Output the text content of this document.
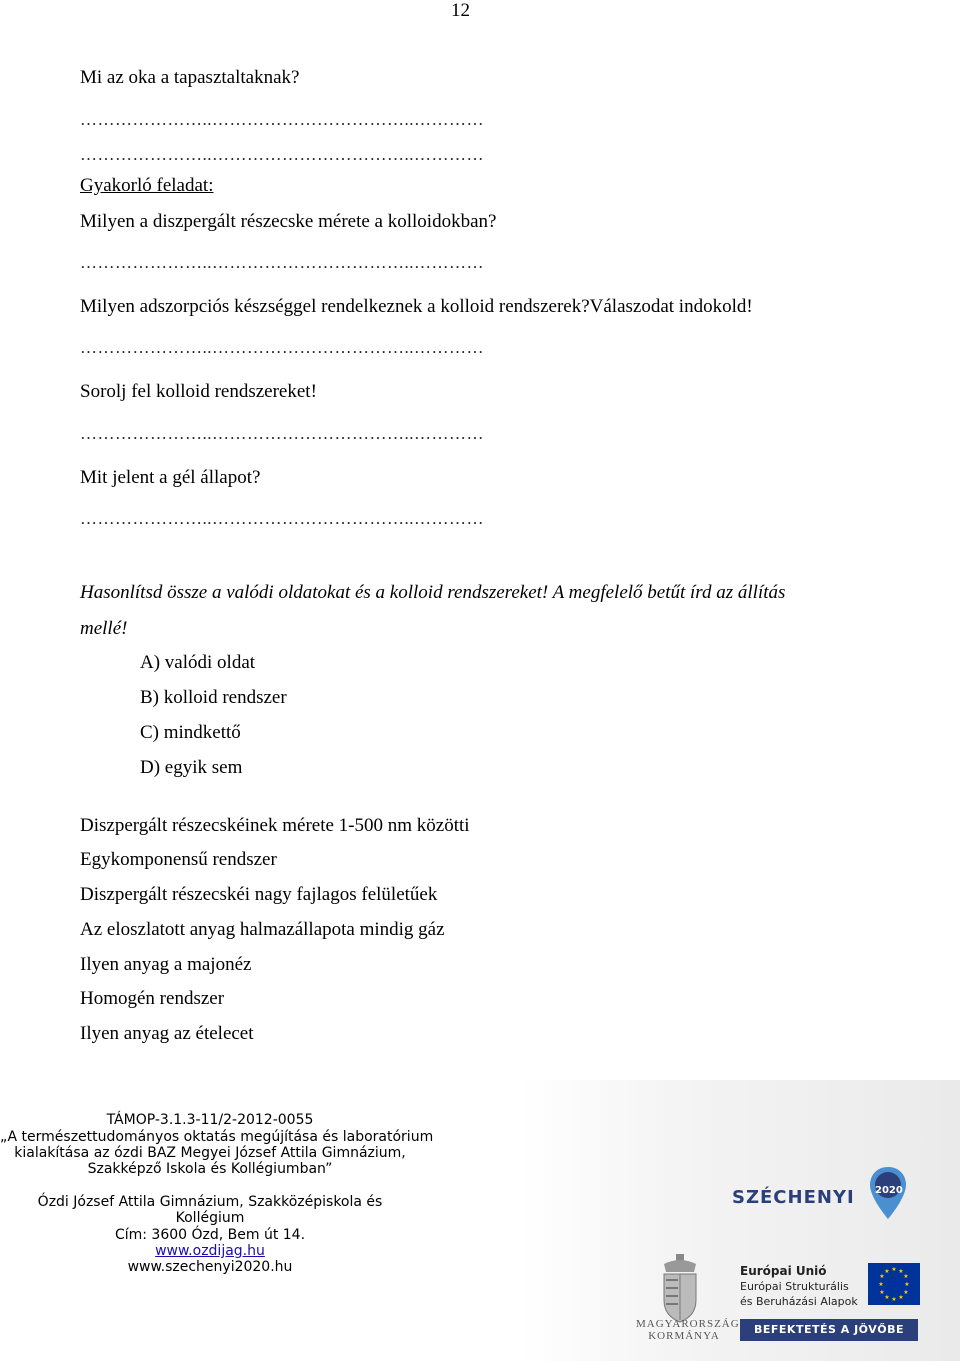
12
Mi az oka a tapasztaltaknak?
…………………..……………………………..…………
…………………..……………………………..…………
Gyakorló feladat:
Milyen a diszpergált részecske mérete a kolloidokban?
…………………..……………………………..…………
Milyen adszorpciós készséggel rendelkeznek a kolloid rendszerek?Válaszodat indokold!
…………………..……………………………..…………
Sorolj fel kolloid rendszereket!
…………………..……………………………..…………
Mit jelent a gél állapot?
…………………..……………………………..…………
Hasonlítsd össze a valódi oldatokat és a kolloid rendszereket! A megfelelő betűt írd az állítás
mellé!
A) valódi oldat
B) kolloid rendszer
C) mindkettő
D) egyik sem
Diszpergált részecskéinek mérete 1-500 nm közötti
Egykomponensű rendszer
Diszpergált részecskéi nagy fajlagos felületűek
Az eloszlatott anyag halmazállapota mindig gáz
Ilyen anyag a majonéz
Homogén rendszer
Ilyen anyag az ételecet
TÁMOP-3.1.3-11/2-2012-0055
„A természettudományos oktatás megújítása és laboratórium
kialakítása az ózdi BAZ Megyei József Attila Gimnázium,
Szakképző Iskola és Kollégiumban”
Ózdi József Attila Gimnázium, Szakközépiskola és
Kollégium
Cím: 3600 Ózd, Bem út 14.
www.ozdijag.hu
www.szechenyi2020.hu
SZÉCHENYI 2020
MAGYARORSZÁG
KORMÁNYA
Európai Unió
Európai Strukturális
és Beruházási Alapok
★ ★
★
★
★
★
★
★
★
★
★
★
BEFEKTETÉS A JÖVŐBE
